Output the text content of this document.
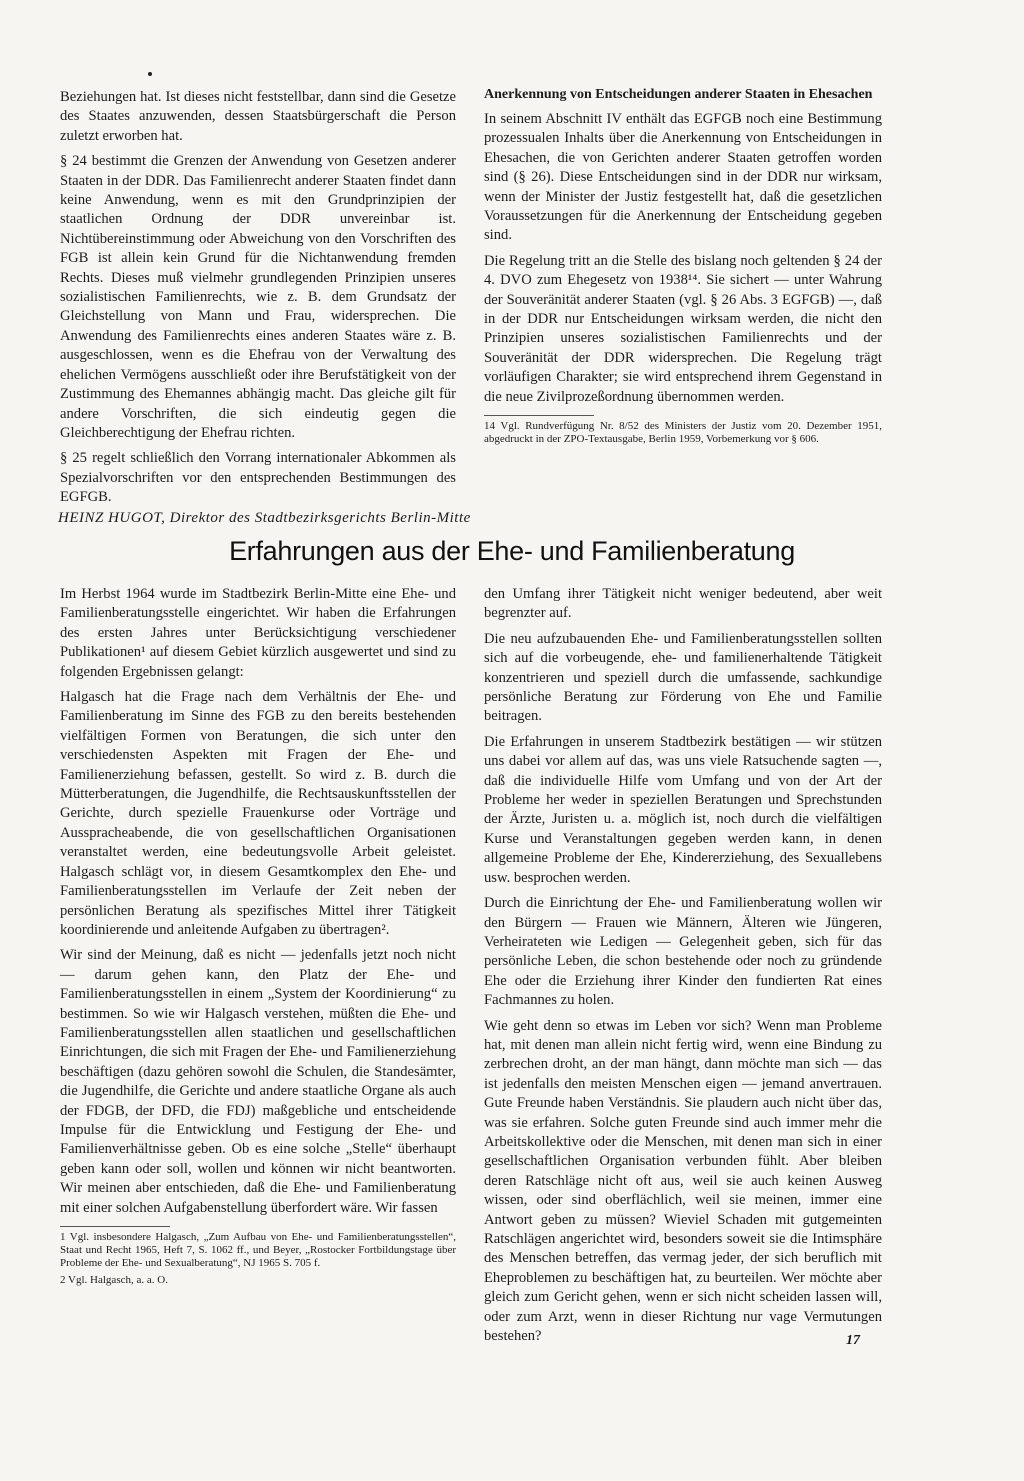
Beziehungen hat. Ist dieses nicht feststellbar, dann sind die Gesetze des Staates anzuwenden, dessen Staatsbürgerschaft die Person zuletzt erworben hat.

§ 24 bestimmt die Grenzen der Anwendung von Gesetzen anderer Staaten in der DDR. Das Familienrecht anderer Staaten findet dann keine Anwendung, wenn es mit den Grundprinzipien der staatlichen Ordnung der DDR unvereinbar ist. Nichtübereinstimmung oder Abweichung von den Vorschriften des FGB ist allein kein Grund für die Nichtanwendung fremden Rechts. Dieses muß vielmehr grundlegenden Prinzipien unseres sozialistischen Familienrechts, wie z. B. dem Grundsatz der Gleichstellung von Mann und Frau, widersprechen. Die Anwendung des Familienrechts eines anderen Staates wäre z. B. ausgeschlossen, wenn es die Ehefrau von der Verwaltung des ehelichen Vermögens ausschließt oder ihre Berufstätigkeit von der Zustimmung des Ehemannes abhängig macht. Das gleiche gilt für andere Vorschriften, die sich eindeutig gegen die Gleichberechtigung der Ehefrau richten.

§ 25 regelt schließlich den Vorrang internationaler Abkommen als Spezialvorschriften vor den entsprechenden Bestimmungen des EGFGB.

Anerkennung von Entscheidungen anderer Staaten in Ehesachen

In seinem Abschnitt IV enthält das EGFGB noch eine Bestimmung prozessualen Inhalts über die Anerkennung von Entscheidungen in Ehesachen, die von Gerichten anderer Staaten getroffen worden sind (§ 26). Diese Entscheidungen sind in der DDR nur wirksam, wenn der Minister der Justiz festgestellt hat, daß die gesetzlichen Voraussetzungen für die Anerkennung der Entscheidung gegeben sind.

Die Regelung tritt an die Stelle des bislang noch geltenden § 24 der 4. DVO zum Ehegesetz von 1938¹⁴. Sie sichert — unter Wahrung der Souveränität anderer Staaten (vgl. § 26 Abs. 3 EGFGB) —, daß in der DDR nur Entscheidungen wirksam werden, die nicht den Prinzipien unseres sozialistischen Familienrechts und der Souveränität der DDR widersprechen. Die Regelung trägt vorläufigen Charakter; sie wird entsprechend ihrem Gegenstand in die neue Zivilprozeßordnung übernommen werden.

14 Vgl. Rundverfügung Nr. 8/52 des Ministers der Justiz vom 20. Dezember 1951, abgedruckt in der ZPO-Textausgabe, Berlin 1959, Vorbemerkung vor § 606.
HEINZ HUGOT, Direktor des Stadtbezirksgerichts Berlin-Mitte
Erfahrungen aus der Ehe- und Familienberatung

Im Herbst 1964 wurde im Stadtbezirk Berlin-Mitte eine Ehe- und Familienberatungsstelle eingerichtet. Wir haben die Erfahrungen des ersten Jahres unter Berücksichtigung verschiedener Publikationen¹ auf diesem Gebiet kürzlich ausgewertet und sind zu folgenden Ergebnissen gelangt:

Halgasch hat die Frage nach dem Verhältnis der Ehe- und Familienberatung im Sinne des FGB zu den bereits bestehenden vielfältigen Formen von Beratungen, die sich unter den verschiedensten Aspekten mit Fragen der Ehe- und Familienerziehung befassen, gestellt. So wird z. B. durch die Mütterberatungen, die Jugendhilfe, die Rechtsauskunftsstellen der Gerichte, durch spezielle Frauenkurse oder Vorträge und Ausspracheabende, die von gesellschaftlichen Organisationen veranstaltet werden, eine bedeutungsvolle Arbeit geleistet. Halgasch schlägt vor, in diesem Gesamtkomplex den Ehe- und Familienberatungsstellen im Verlaufe der Zeit neben der persönlichen Beratung als spezifisches Mittel ihrer Tätigkeit koordinierende und anleitende Aufgaben zu übertragen².

Wir sind der Meinung, daß es nicht — jedenfalls jetzt noch nicht — darum gehen kann, den Platz der Ehe- und Familienberatungsstellen in einem „System der Koordinierung“ zu bestimmen. So wie wir Halgasch verstehen, müßten die Ehe- und Familienberatungsstellen allen staatlichen und gesellschaftlichen Einrichtungen, die sich mit Fragen der Ehe- und Familienerziehung beschäftigen (dazu gehören sowohl die Schulen, die Standesämter, die Jugendhilfe, die Gerichte und andere staatliche Organe als auch der FDGB, der DFD, die FDJ) maßgebliche und entscheidende Impulse für die Entwicklung und Festigung der Ehe- und Familienverhältnisse geben. Ob es eine solche „Stelle“ überhaupt geben kann oder soll, wollen und können wir nicht beantworten. Wir meinen aber entschieden, daß die Ehe- und Familienberatung mit einer solchen Aufgabenstellung überfordert wäre. Wir fassen

1 Vgl. insbesondere Halgasch, „Zum Aufbau von Ehe- und Familienberatungsstellen“, Staat und Recht 1965, Heft 7, S. 1062 ff., und Beyer, „Rostocker Fortbildungstage über Probleme der Ehe- und Sexualberatung“, NJ 1965 S. 705 f.
2 Vgl. Halgasch, a. a. O.

den Umfang ihrer Tätigkeit nicht weniger bedeutend, aber weit begrenzter auf.

Die neu aufzubauenden Ehe- und Familienberatungsstellen sollten sich auf die vorbeugende, ehe- und familienerhaltende Tätigkeit konzentrieren und speziell durch die umfassende, sachkundige persönliche Beratung zur Förderung von Ehe und Familie beitragen.

Die Erfahrungen in unserem Stadtbezirk bestätigen — wir stützen uns dabei vor allem auf das, was uns viele Ratsuchende sagten —, daß die individuelle Hilfe vom Umfang und von der Art der Probleme her weder in speziellen Beratungen und Sprechstunden der Ärzte, Juristen u. a. möglich ist, noch durch die vielfältigen Kurse und Veranstaltungen gegeben werden kann, in denen allgemeine Probleme der Ehe, Kindererziehung, des Sexuallebens usw. besprochen werden.

Durch die Einrichtung der Ehe- und Familienberatung wollen wir den Bürgern — Frauen wie Männern, Älteren wie Jüngeren, Verheirateten wie Ledigen — Gelegenheit geben, sich für das persönliche Leben, die schon bestehende oder noch zu gründende Ehe oder die Erziehung ihrer Kinder den fundierten Rat eines Fachmannes zu holen.

Wie geht denn so etwas im Leben vor sich? Wenn man Probleme hat, mit denen man allein nicht fertig wird, wenn eine Bindung zu zerbrechen droht, an der man hängt, dann möchte man sich — das ist jedenfalls den meisten Menschen eigen — jemand anvertrauen. Gute Freunde haben Verständnis. Sie plaudern auch nicht über das, was sie erfahren. Solche guten Freunde sind auch immer mehr die Arbeitskollektive oder die Menschen, mit denen man sich in einer gesellschaftlichen Organisation verbunden fühlt. Aber bleiben deren Ratschläge nicht oft aus, weil sie auch keinen Ausweg wissen, oder sind oberflächlich, weil sie meinen, immer eine Antwort geben zu müssen? Wieviel Schaden mit gutgemeinten Ratschlägen angerichtet wird, besonders soweit sie die Intimsphäre des Menschen betreffen, das vermag jeder, der sich beruflich mit Eheproblemen zu beschäftigen hat, zu beurteilen. Wer möchte aber gleich zum Gericht gehen, wenn er sich nicht scheiden lassen will, oder zum Arzt, wenn in dieser Richtung nur vage Vermutungen bestehen?	17
